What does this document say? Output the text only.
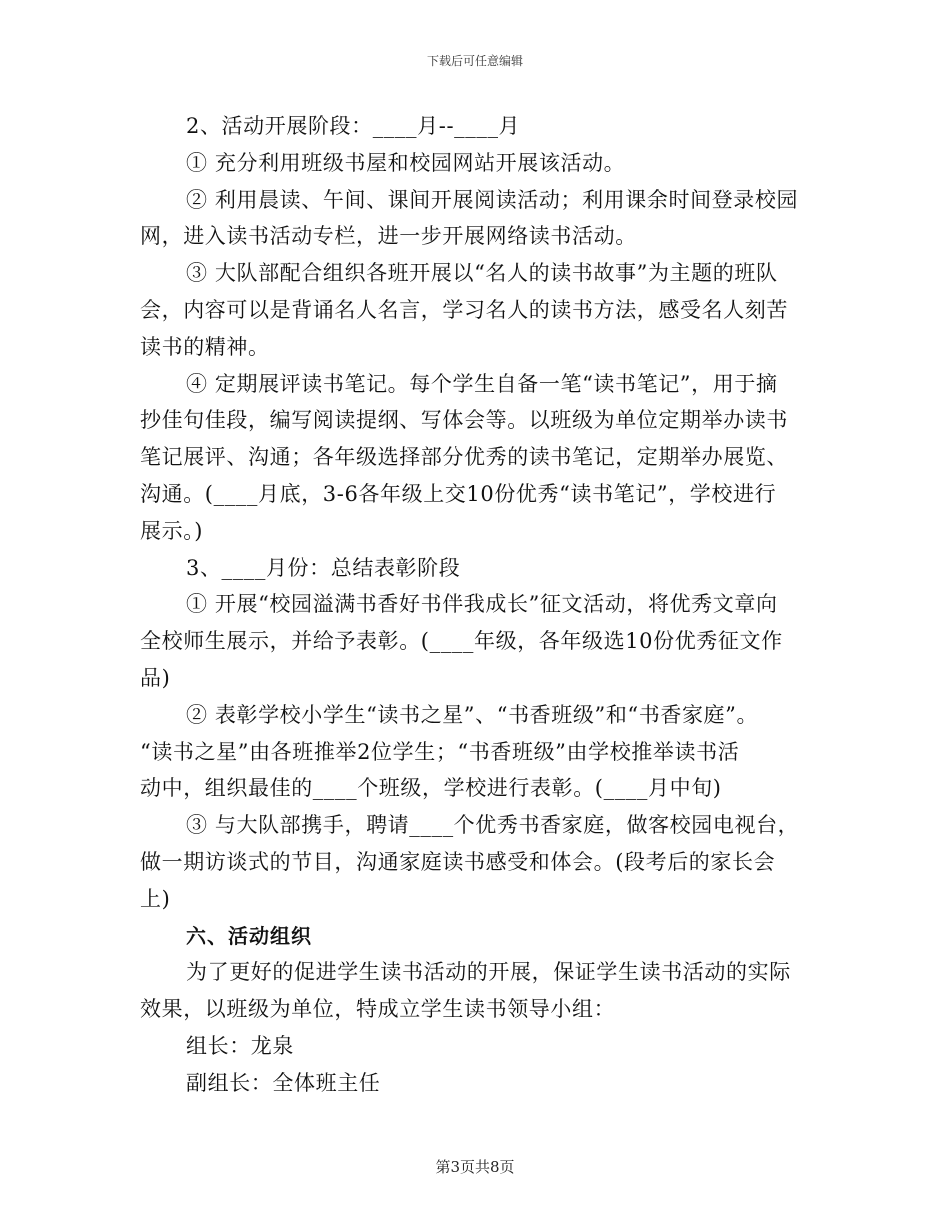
下载后可任意编辑
2、活动开展阶段：____月--____月
① 充分利用班级书屋和校园网站开展该活动。
② 利用晨读、午间、课间开展阅读活动；利用课余时间登录校园
网，进入读书活动专栏，进一步开展网络读书活动。
③ 大队部配合组织各班开展以“名人的读书故事”为主题的班队
会，内容可以是背诵名人名言，学习名人的读书方法，感受名人刻苦
读书的精神。
④ 定期展评读书笔记。每个学生自备一笔“读书笔记”，用于摘
抄佳句佳段，编写阅读提纲、写体会等。以班级为单位定期举办读书
笔记展评、沟通；各年级选择部分优秀的读书笔记，定期举办展览、
沟通。(____月底，3-6各年级上交10份优秀“读书笔记”，学校进行
展示。)
3、____月份：总结表彰阶段
① 开展“校园溢满书香好书伴我成长”征文活动，将优秀文章向
全校师生展示，并给予表彰。(____年级，各年级选10份优秀征文作
品)
② 表彰学校小学生“读书之星”、“书香班级”和“书香家庭”。
“读书之星”由各班推举2位学生；“书香班级”由学校推举读书活
动中，组织最佳的____个班级，学校进行表彰。(____月中旬)
③ 与大队部携手，聘请____个优秀书香家庭，做客校园电视台，
做一期访谈式的节目，沟通家庭读书感受和体会。(段考后的家长会
上)
六、活动组织
为了更好的促进学生读书活动的开展，保证学生读书活动的实际
效果，以班级为单位，特成立学生读书领导小组：
组长：龙泉
副组长：全体班主任
第3页共8页
